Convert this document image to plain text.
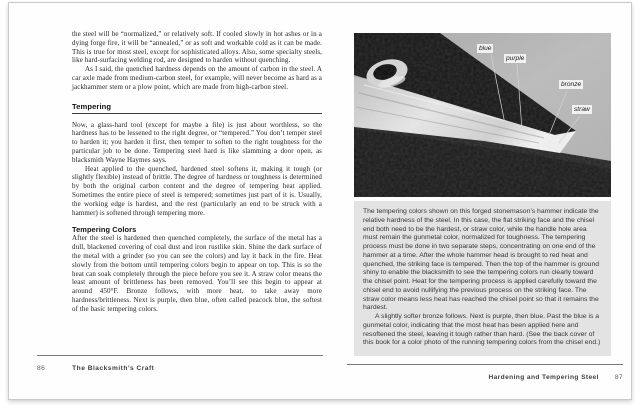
the steel will be “normalized,” or relatively soft. If cooled slowly in hot ashes or in a dying forge fire, it will be “annealed,” or as soft and workable cold as it can be made. This is true for most steel, except for sophisticated alloys. Also, some specialty steels, like hard-surfacing welding rod, are designed to harden without quenching.

As I said, the quenched hardness depends on the amount of carbon in the steel. A car axle made from medium-carbon steel, for example, will never become as hard as a jackhammer stem or a plow point, which are made from high-carbon steel.

Tempering

Now, a glass-hard tool (except for maybe a file) is just about worthless, so the hardness has to be lessened to the right degree, or “tempered.” You don’t temper steel to harden it; you harden it first, then temper to soften to the right toughness for the particular job to be done. Tempering steel hard is like slamming a door open, as blacksmith Wayne Haymes says.

Heat applied to the quenched, hardened steel softens it, making it tough (or slightly flexible) instead of brittle. The degree of hardness or toughness is determined by both the original carbon content and the degree of tempering heat applied. Sometimes the entire piece of steel is tempered; sometimes just part of it is. Usually, the working edge is hardest, and the rest (particularly an end to be struck with a hammer) is softened through tempering more.

Tempering Colors

After the steel is hardened then quenched completely, the surface of the metal has a dull, blackened covering of coal dust and iron rustlike skin. Shine the dark surface of the metal with a grinder (so you can see the colors) and lay it back in the fire. Heat slowly from the bottom until tempering colors begin to appear on top. This is so the heat can soak completely through the piece before you see it. A straw color means the least amount of brittleness has been removed. You’ll see this begin to appear at around 450°F. Bronze follows, with more heat, to take away more hardness/brittleness. Next is purple, then blue, often called peacock blue, the softest of the basic tempering colors.

86	The Blacksmith’s Craft
blue
purple
bronze
straw

The tempering colors shown on this forged stonemason’s hammer indicate the relative hardness of the steel. In this case, the flat striking face and the chisel end both need to be the hardest, or straw color, while the handle hole area must remain the gunmetal color, normalized for toughness. The tempering process must be done in two separate steps, concentrating on one end of the hammer at a time. After the whole hammer head is brought to red heat and quenched, the striking face is tempered. Then the top of the hammer is ground shiny to enable the blacksmith to see the tempering colors run clearly toward the chisel point. Heat for the tempering process is applied carefully toward the chisel end to avoid nullifying the previous process on the striking face. The straw color means less heat has reached the chisel point so that it remains the hardest.

A slightly softer bronze follows. Next is purple, then blue. Past the blue is a gunmetal color, indicating that the most heat has been applied here and resoftened the steel, leaving it tough rather than hard. (See the back cover of this book for a color photo of the running tempering colors from the chisel end.)

Hardening and Tempering Steel 87
